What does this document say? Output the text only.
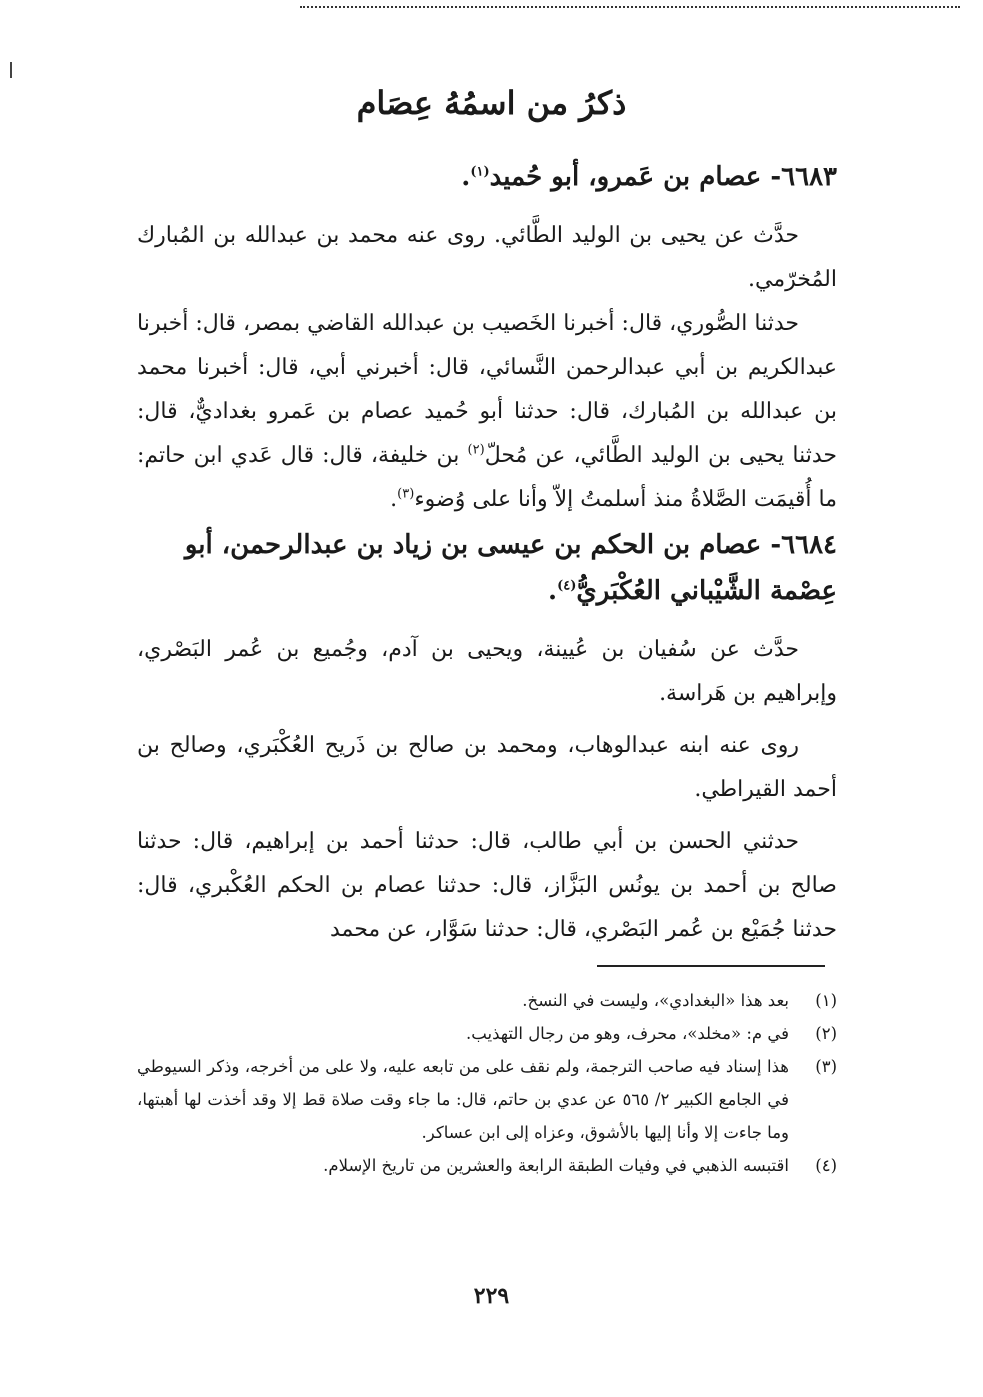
ذكرُ من اسمُهُ عِصَام

٦٦٨٣- عصام بن عَمرو، أبو حُميد$^{(١)}$.

حدَّث عن يحيى بن الوليد الطَّائي. روى عنه محمد بن عبدالله بن المُبارك المُخرّمي.

حدثنا الصُّوري، قال: أخبرنا الخَصيب بن عبدالله القاضي بمصر، قال: أخبرنا عبدالكريم بن أبي عبدالرحمن النَّسائي، قال: أخبرني أبي، قال: أخبرنا محمد بن عبدالله بن المُبارك، قال: حدثنا أبو حُميد عصام بن عَمرو بغداديٌّ، قال: حدثنا يحيى بن الوليد الطَّائي، عن مُحلّ$^{(٢)}$ بن خليفة، قال: قال عَدي ابن حاتم: ما أُقيمَت الصَّلاةُ منذ أسلمتُ إلاّ وأنا على وُضوء$^{(٣)}$.

٦٦٨٤- عصام بن الحكم بن عيسى بن زياد بن عبدالرحمن، أبو عِصْمة الشَّيْباني العُكْبَريُّ$^{(٤)}$.

حدَّث عن سُفيان بن عُيينة، ويحيى بن آدم، وجُميع بن عُمر البَصْري، وإبراهيم بن هَراسة.

روى عنه ابنه عبدالوهاب، ومحمد بن صالح بن ذَريح العُكْبَري، وصالح بن أحمد القيراطي.

حدثني الحسن بن أبي طالب، قال: حدثنا أحمد بن إبراهيم، قال: حدثنا صالح بن أحمد بن يونُس البَزَّاز، قال: حدثنا عصام بن الحكم العُكْبري، قال: حدثنا جُمَيْع بن عُمر البَصْري، قال: حدثنا سَوَّار، عن محمد

(١)
بعد هذا «البغدادي»، وليست في النسخ.
(٢)
في م: «مخلد»، محرف، وهو من رجال التهذيب.
(٣)
هذا إسناد فيه صاحب الترجمة، ولم نقف على من تابعه عليه، ولا على من أخرجه، وذكر السيوطي في الجامع الكبير ٢/ ٥٦٥ عن عدي بن حاتم، قال: ما جاء وقت صلاة قط إلا وقد أخذت لها أهبتها، وما جاءت إلا وأنا إليها بالأشوق، وعزاه إلى ابن عساكر.
(٤)
اقتبسه الذهبي في وفيات الطبقة الرابعة والعشرين من تاريخ الإسلام.
٢٢٩
